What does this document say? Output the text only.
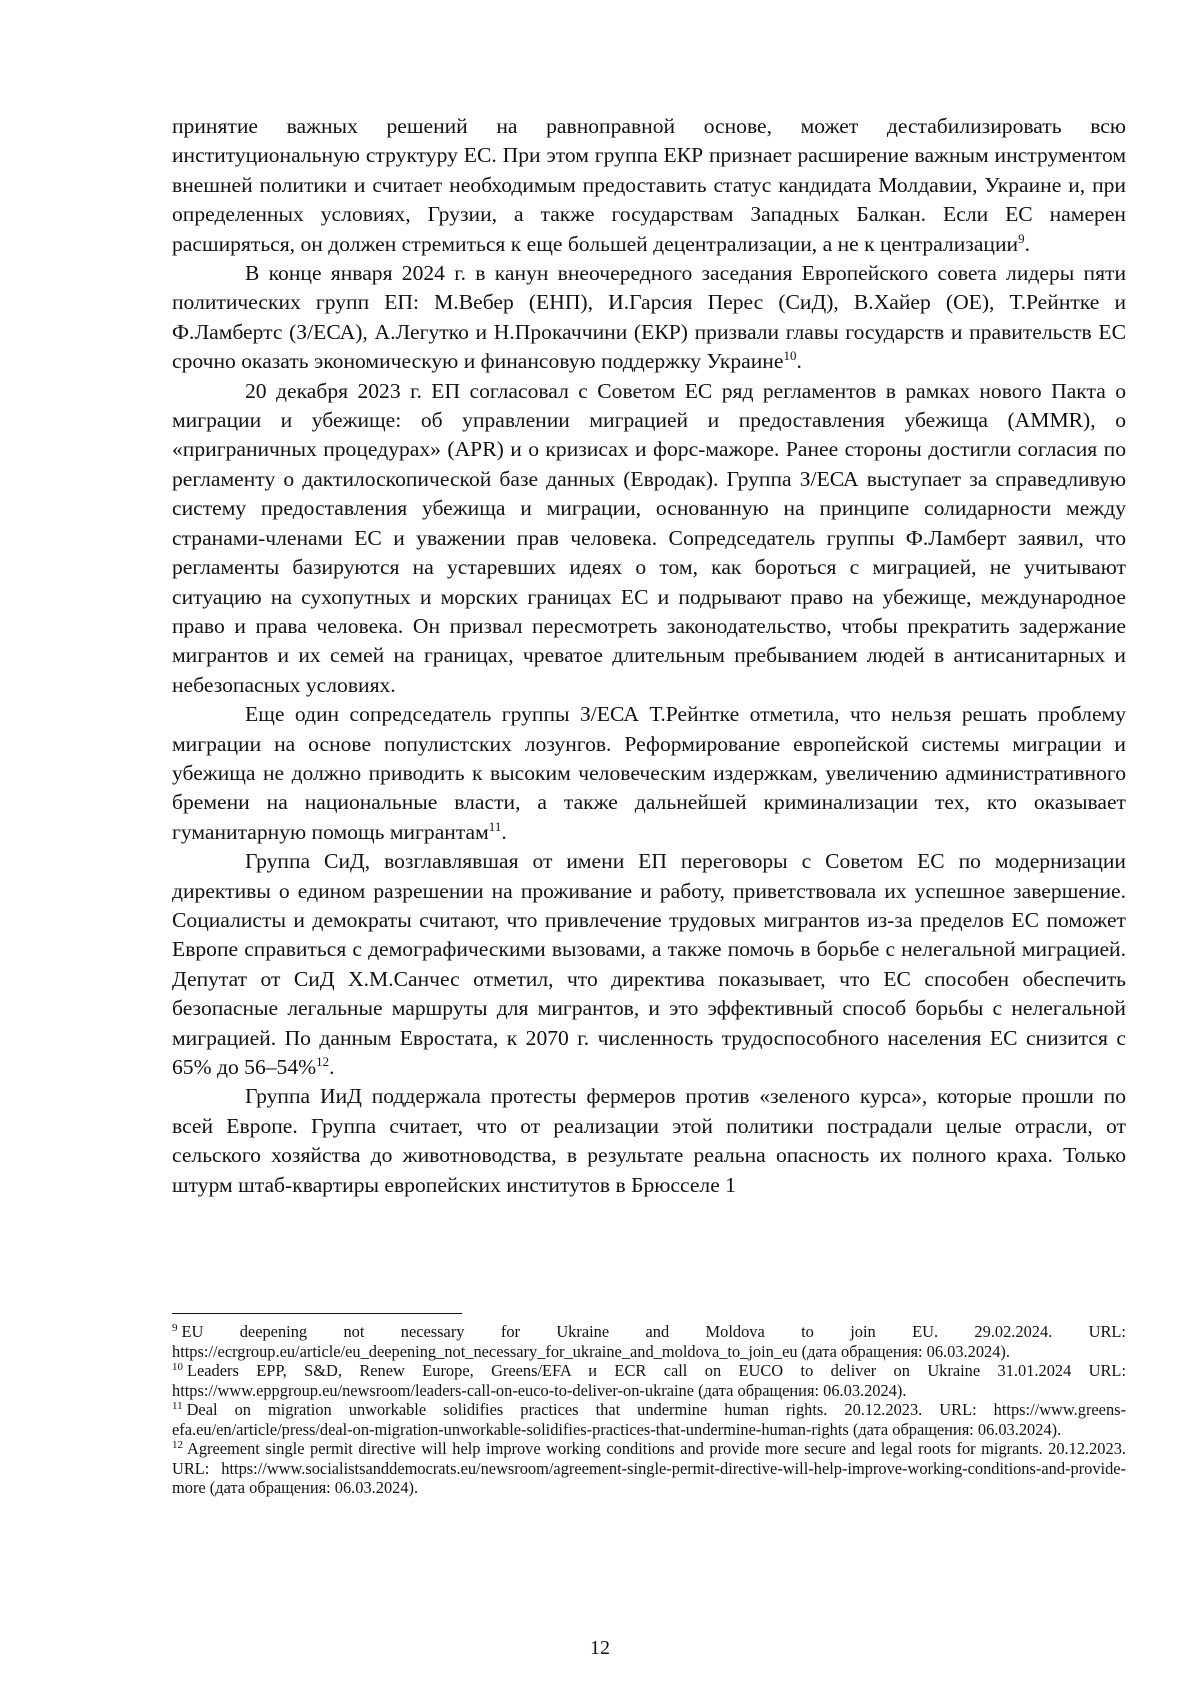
принятие важных решений на равноправной основе, может дестабилизировать всю институциональную структуру ЕС. При этом группа ЕКР признает расширение важным инструментом внешней политики и считает необходимым предоставить статус кандидата Молдавии, Украине и, при определенных условиях, Грузии, а также государствам Западных Балкан. Если ЕС намерен расширяться, он должен стремиться к еще большей децентрализации, а не к централизации$^9$.

В конце января 2024 г. в канун внеочередного заседания Европейского совета лидеры пяти политических групп ЕП: М.Вебер (ЕНП), И.Гарсия Перес (СиД), В.Хайер (ОЕ), Т.Рейнтке и Ф.Ламбертс (З/ЕСА), А.Легутко и Н.Прокаччини (ЕКР) призвали главы государств и правительств ЕС срочно оказать экономическую и финансовую поддержку Украине$^{10}$.

20 декабря 2023 г. ЕП согласовал с Советом ЕС ряд регламентов в рамках нового Пакта о миграции и убежище: об управлении миграцией и предоставления убежища (AMMR), о «приграничных процедурах» (APR) и о кризисах и форс-мажоре. Ранее стороны достигли согласия по регламенту о дактилоскопической базе данных (Евродак). Группа З/ЕСА выступает за справедливую систему предоставления убежища и миграции, основанную на принципе солидарности между странами-членами ЕС и уважении прав человека. Сопредседатель группы Ф.Ламберт заявил, что регламенты базируются на устаревших идеях о том, как бороться с миграцией, не учитывают ситуацию на сухопутных и морских границах ЕС и подрывают право на убежище, международное право и права человека. Он призвал пересмотреть законодательство, чтобы прекратить задержание мигрантов и их семей на границах, чреватое длительным пребыванием людей в антисанитарных и небезопасных условиях.

Еще один сопредседатель группы З/ЕСА Т.Рейнтке отметила, что нельзя решать проблему миграции на основе популистских лозунгов. Реформирование европейской системы миграции и убежища не должно приводить к высоким человеческим издержкам, увеличению административного бремени на национальные власти, а также дальнейшей криминализации тех, кто оказывает гуманитарную помощь мигрантам$^{11}$.

Группа СиД, возглавлявшая от имени ЕП переговоры с Советом ЕС по модернизации директивы о едином разрешении на проживание и работу, приветствовала их успешное завершение. Социалисты и демократы считают, что привлечение трудовых мигрантов из-за пределов ЕС поможет Европе справиться с демографическими вызовами, а также помочь в борьбе с нелегальной миграцией. Депутат от СиД Х.М.Санчес отметил, что директива показывает, что ЕС способен обеспечить безопасные легальные маршруты для мигрантов, и это эффективный способ борьбы с нелегальной миграцией. По данным Евростата, к 2070 г. численность трудоспособного населения ЕС снизится с 65% до 56–54%$^{12}$.

Группа ИиД поддержала протесты фермеров против «зеленого курса», которые прошли по всей Европе. Группа считает, что от реализации этой политики пострадали целые отрасли, от сельского хозяйства до животноводства, в результате реальна опасность их полного краха. Только штурм штаб-квартиры европейских институтов в Брюсселе 1

$^9$ EU deepening not necessary for Ukraine and Moldova to join EU. 29.02.2024. URL: https://ecrgroup.eu/article/eu_deepening_not_necessary_for_ukraine_and_moldova_to_join_eu (дата обращения: 06.03.2024).

$^{10}$ Leaders EPP, S&D, Renew Europe, Greens/EFA и ECR call on EUCO to deliver on Ukraine 31.01.2024 URL: https://www.eppgroup.eu/newsroom/leaders-call-on-euco-to-deliver-on-ukraine (дата обращения: 06.03.2024).

$^{11}$ Deal on migration unworkable solidifies practices that undermine human rights. 20.12.2023. URL: https://www.greens-efa.eu/en/article/press/deal-on-migration-unworkable-solidifies-practices-that-undermine-human-rights (дата обращения: 06.03.2024).

$^{12}$ Agreement single permit directive will help improve working conditions and provide more secure and legal roots for migrants. 20.12.2023. URL: https://www.socialistsanddemocrats.eu/newsroom/agreement-single-permit-directive-will-help-improve-working-conditions-and-provide-more (дата обращения: 06.03.2024).

12
